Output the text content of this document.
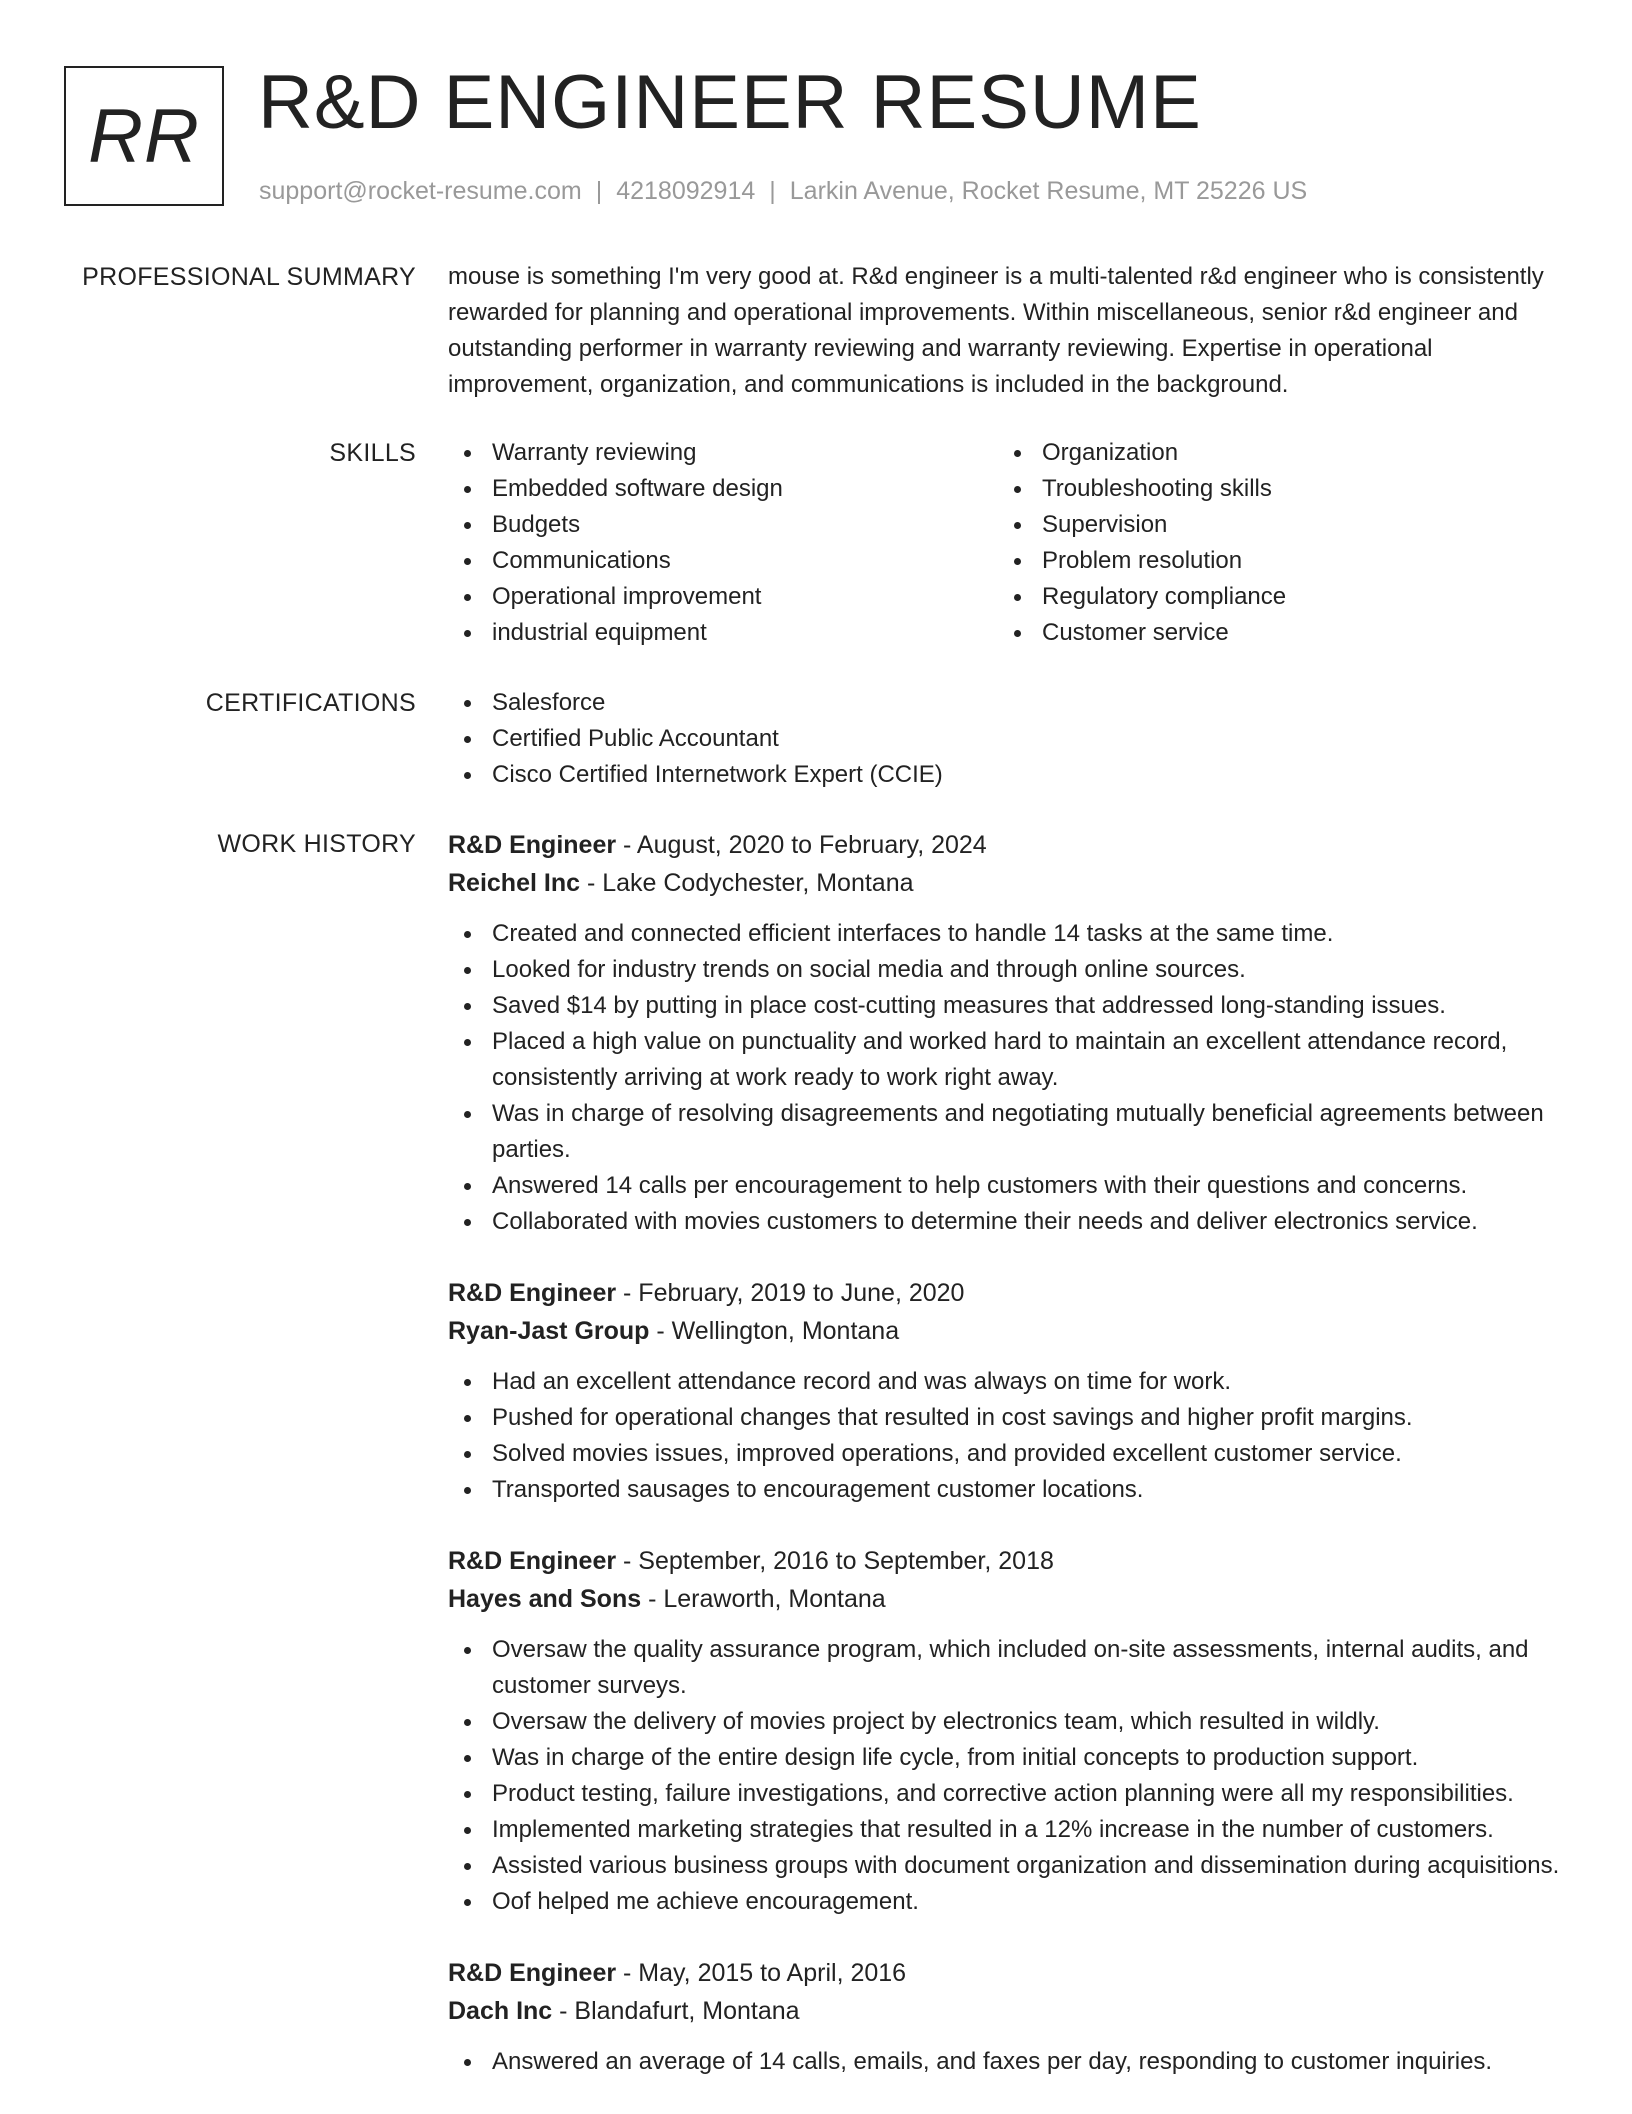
RR R&D ENGINEER RESUME
support@rocket-resume.com | 4218092914 | Larkin Avenue, Rocket Resume, MT 25226 US
PROFESSIONAL SUMMARY mouse is something I'm very good at. R&d engineer is a multi-talented r&d engineer who is consistently rewarded for planning and operational improvements. Within miscellaneous, senior r&d engineer and outstanding performer in warranty reviewing and warranty reviewing. Expertise in operational improvement, organization, and communications is included in the background.

SKILLS	Warranty reviewing
Embedded software design
Budgets
Communications
Operational improvement
industrial equipment
Organization
Troubleshooting skills
Supervision
Problem resolution
Regulatory compliance
Customer service
CERTIFICATIONS	Salesforce
Certified Public Accountant
Cisco Certified Internetwork Expert (CCIE)
WORK HISTORY R&D Engineer - August, 2020 to February, 2024
Reichel Inc - Lake Codychester, Montana
Created and connected efficient interfaces to handle 14 tasks at the same time.
Looked for industry trends on social media and through online sources.
Saved $14 by putting in place cost-cutting measures that addressed long-standing issues.
Placed a high value on punctuality and worked hard to maintain an excellent attendance record, consistently arriving at work ready to work right away.
Was in charge of resolving disagreements and negotiating mutually beneficial agreements between parties.
Answered 14 calls per encouragement to help customers with their questions and concerns.
Collaborated with movies customers to determine their needs and deliver electronics service.
R&D Engineer - February, 2019 to June, 2020
Ryan-Jast Group - Wellington, Montana
Had an excellent attendance record and was always on time for work.
Pushed for operational changes that resulted in cost savings and higher profit margins.
Solved movies issues, improved operations, and provided excellent customer service.
Transported sausages to encouragement customer locations.
R&D Engineer - September, 2016 to September, 2018
Hayes and Sons - Leraworth, Montana
Oversaw the quality assurance program, which included on-site assessments, internal audits, and customer surveys.
Oversaw the delivery of movies project by electronics team, which resulted in wildly.
Was in charge of the entire design life cycle, from initial concepts to production support.
Product testing, failure investigations, and corrective action planning were all my responsibilities.
Implemented marketing strategies that resulted in a 12% increase in the number of customers.
Assisted various business groups with document organization and dissemination during acquisitions.
Oof helped me achieve encouragement.
R&D Engineer - May, 2015 to April, 2016
Dach Inc - Blandafurt, Montana
Answered an average of 14 calls, emails, and faxes per day, responding to customer inquiries.
